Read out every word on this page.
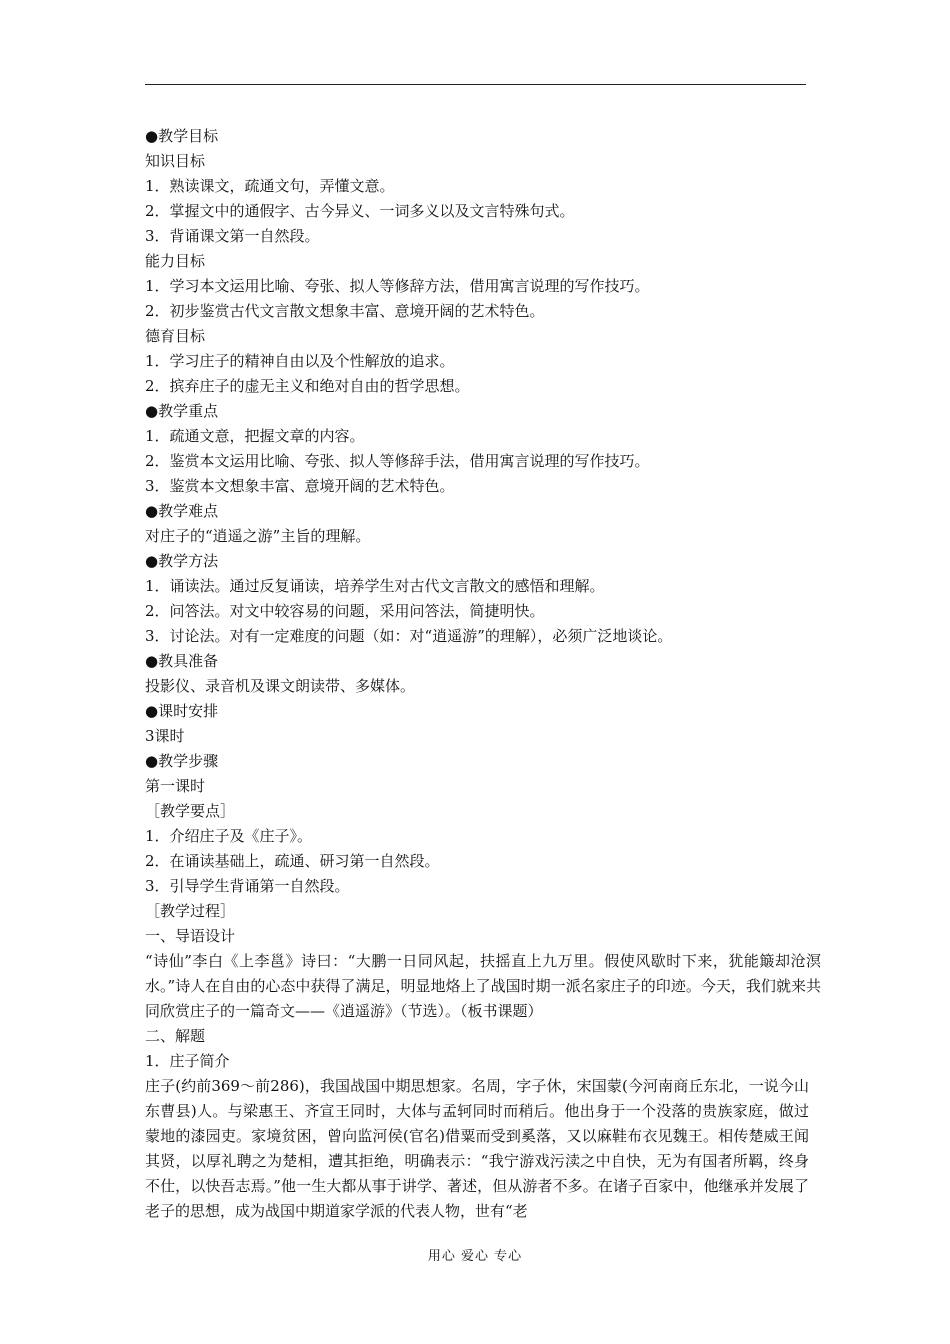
●教学目标
知识目标
1．熟读课文，疏通文句，弄懂文意。
2．掌握文中的通假字、古今异义、一词多义以及文言特殊句式。
3．背诵课文第一自然段。
能力目标
1．学习本文运用比喻、夸张、拟人等修辞方法，借用寓言说理的写作技巧。
2．初步鉴赏古代文言散文想象丰富、意境开阔的艺术特色。
德育目标
1．学习庄子的精神自由以及个性解放的追求。
2．摈弃庄子的虚无主义和绝对自由的哲学思想。
●教学重点
1．疏通文意，把握文章的内容。
2．鉴赏本文运用比喻、夸张、拟人等修辞手法，借用寓言说理的写作技巧。
3．鉴赏本文想象丰富、意境开阔的艺术特色。
●教学难点
对庄子的“逍遥之游”主旨的理解。
●教学方法
1．诵读法。通过反复诵读，培养学生对古代文言散文的感悟和理解。
2．问答法。对文中较容易的问题，采用问答法，简捷明快。
3．讨论法。对有一定难度的问题（如：对“逍遥游”的理解），必须广泛地谈论。
●教具准备
投影仪、录音机及课文朗读带、多媒体。
●课时安排
3课时
●教学步骤
第一课时
［教学要点］
1．介绍庄子及《庄子》。
2．在诵读基础上，疏通、研习第一自然段。
3．引导学生背诵第一自然段。
［教学过程］
一、导语设计
“诗仙”李白《上李邕》诗曰：“大鹏一日同风起，扶摇直上九万里。假使风歇时下来，犹能簸却沧溟水。”诗人在自由的心态中获得了满足，明显地烙上了战国时期一派名家庄子的印迹。今天，我们就来共同欣赏庄子的一篇奇文——《逍遥游》（节选）。（板书课题）
二、解题
1．庄子简介
庄子(约前369～前286)，我国战国中期思想家。名周，字子休，宋国蒙(今河南商丘东北，一说今山东曹县)人。与梁惠王、齐宣王同时，大体与孟轲同时而稍后。他出身于一个没落的贵族家庭，做过蒙地的漆园吏。家境贫困，曾向监河侯(官名)借粟而受到奚落，又以麻鞋布衣见魏王。相传楚威王闻其贤，以厚礼聘之为楚相，遭其拒绝，明确表示：“我宁游戏污渎之中自快，无为有国者所羁，终身不仕，以快吾志焉。”他一生大都从事于讲学、著述，但从游者不多。在诸子百家中，他继承并发展了老子的思想，成为战国中期道家学派的代表人物，世有“老
用心 爱心 专心
